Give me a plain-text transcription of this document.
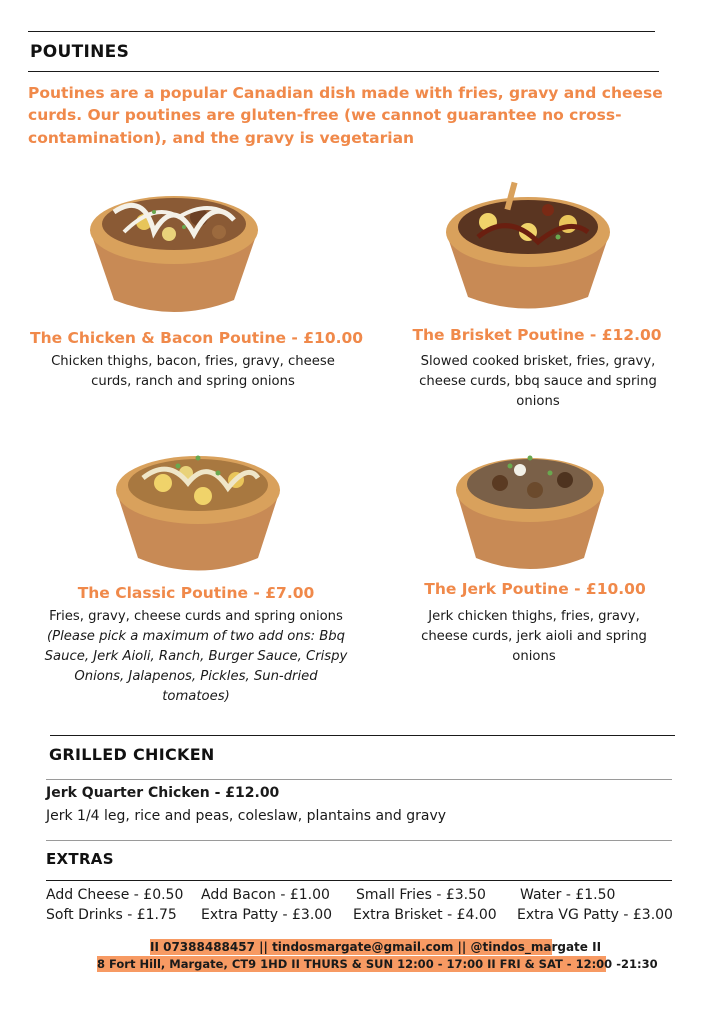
POUTINES
Poutines are a popular Canadian dish made with fries, gravy and cheese curds. Our poutines are gluten-free (we cannot guarantee no cross-contamination), and the gravy is vegetarian
The Chicken & Bacon Poutine - £10.00
Chicken thighs, bacon, fries, gravy, cheese curds, ranch and spring onions
The Brisket Poutine - £12.00
Slowed cooked brisket, fries, gravy, cheese curds, bbq sauce and spring onions
The Classic Poutine - £7.00
Fries, gravy, cheese curds and spring onions
(Please pick a maximum of two add ons: Bbq Sauce, Jerk Aioli, Ranch, Burger Sauce, Crispy Onions, Jalapenos, Pickles, Sun-dried tomatoes)
The Jerk Poutine - £10.00
Jerk chicken thighs, fries, gravy, cheese curds, jerk aioli and spring onions
GRILLED CHICKEN
Jerk Quarter Chicken - £12.00
Jerk 1/4 leg, rice and peas, coleslaw, plantains and gravy
EXTRAS
Add Cheese - £0.50 Add Bacon - £1.00 Small Fries - £3.50 Water - £1.50
Soft Drinks - £1.75 Extra Patty - £3.00 Extra Brisket - £4.00 Extra VG Patty - £3.00
II 07388488457 || tindosmargate@gmail.com || @tindos_margate II
8 Fort Hill, Margate, CT9 1HD II THURS & SUN 12:00 - 17:00 II FRI & SAT - 12:00 -21:30
